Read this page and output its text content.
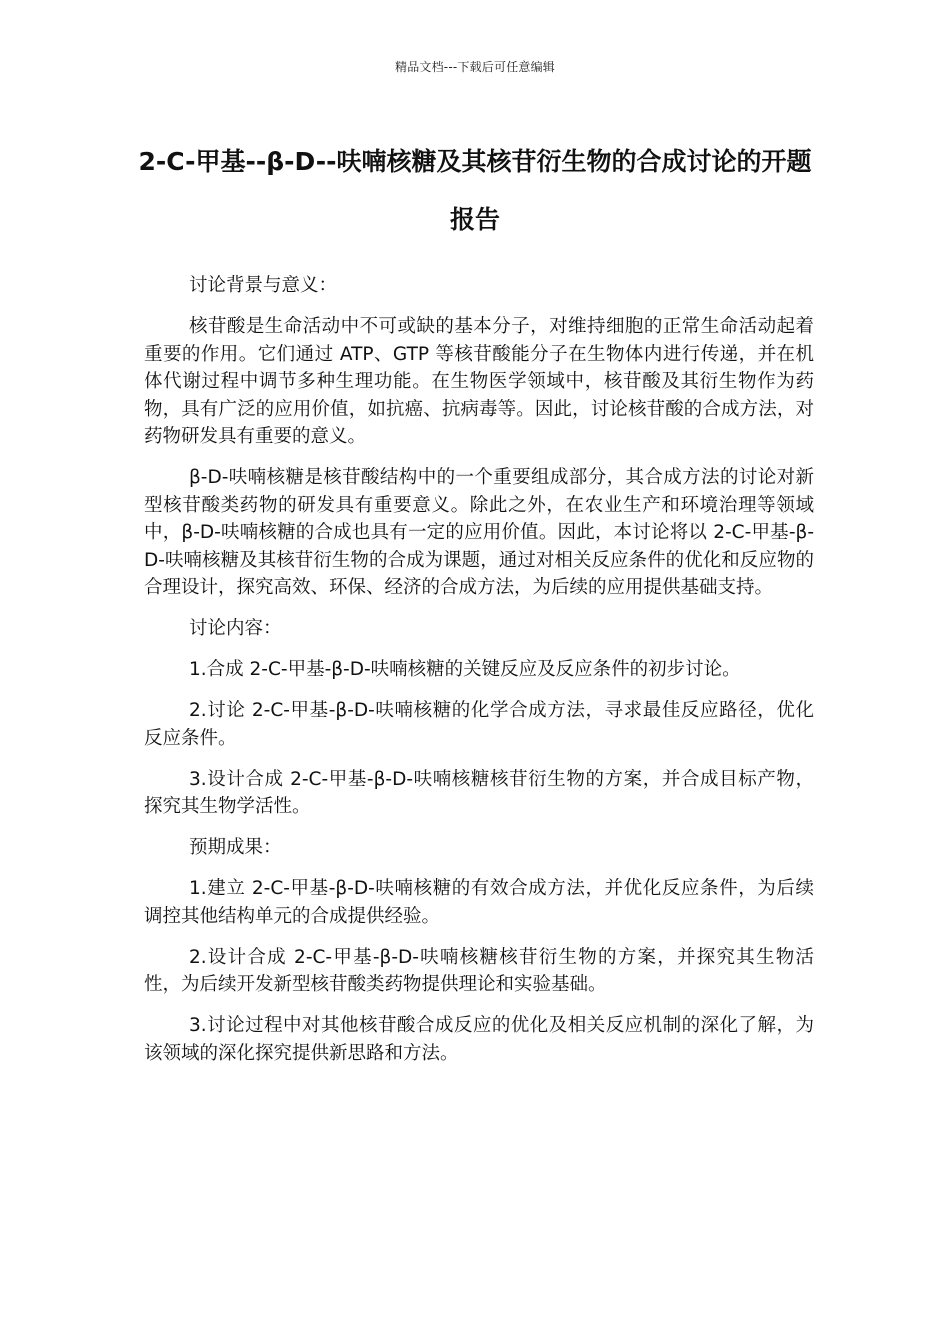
精品文档---下载后可任意编辑
2-C-甲基--β-D--呋喃核糖及其核苷衍生物的合成讨论的开题报告

讨论背景与意义：

核苷酸是生命活动中不可或缺的基本分子，对维持细胞的正常生命活动起着重要的作用。它们通过 ATP、GTP 等核苷酸能分子在生物体内进行传递，并在机体代谢过程中调节多种生理功能。在生物医学领域中，核苷酸及其衍生物作为药物，具有广泛的应用价值，如抗癌、抗病毒等。因此，讨论核苷酸的合成方法，对药物研发具有重要的意义。

β-D-呋喃核糖是核苷酸结构中的一个重要组成部分，其合成方法的讨论对新型核苷酸类药物的研发具有重要意义。除此之外，在农业生产和环境治理等领域中，β-D-呋喃核糖的合成也具有一定的应用价值。因此，本讨论将以 2-C-甲基-β-D-呋喃核糖及其核苷衍生物的合成为课题，通过对相关反应条件的优化和反应物的合理设计，探究高效、环保、经济的合成方法，为后续的应用提供基础支持。

讨论内容：

1.合成 2-C-甲基-β-D-呋喃核糖的关键反应及反应条件的初步讨论。

2.讨论 2-C-甲基-β-D-呋喃核糖的化学合成方法，寻求最佳反应路径，优化反应条件。

3.设计合成 2-C-甲基-β-D-呋喃核糖核苷衍生物的方案，并合成目标产物，探究其生物学活性。

预期成果：

1.建立 2-C-甲基-β-D-呋喃核糖的有效合成方法，并优化反应条件，为后续调控其他结构单元的合成提供经验。

2.设计合成 2-C-甲基-β-D-呋喃核糖核苷衍生物的方案，并探究其生物活性，为后续开发新型核苷酸类药物提供理论和实验基础。

3.讨论过程中对其他核苷酸合成反应的优化及相关反应机制的深化了解，为该领域的深化探究提供新思路和方法。
